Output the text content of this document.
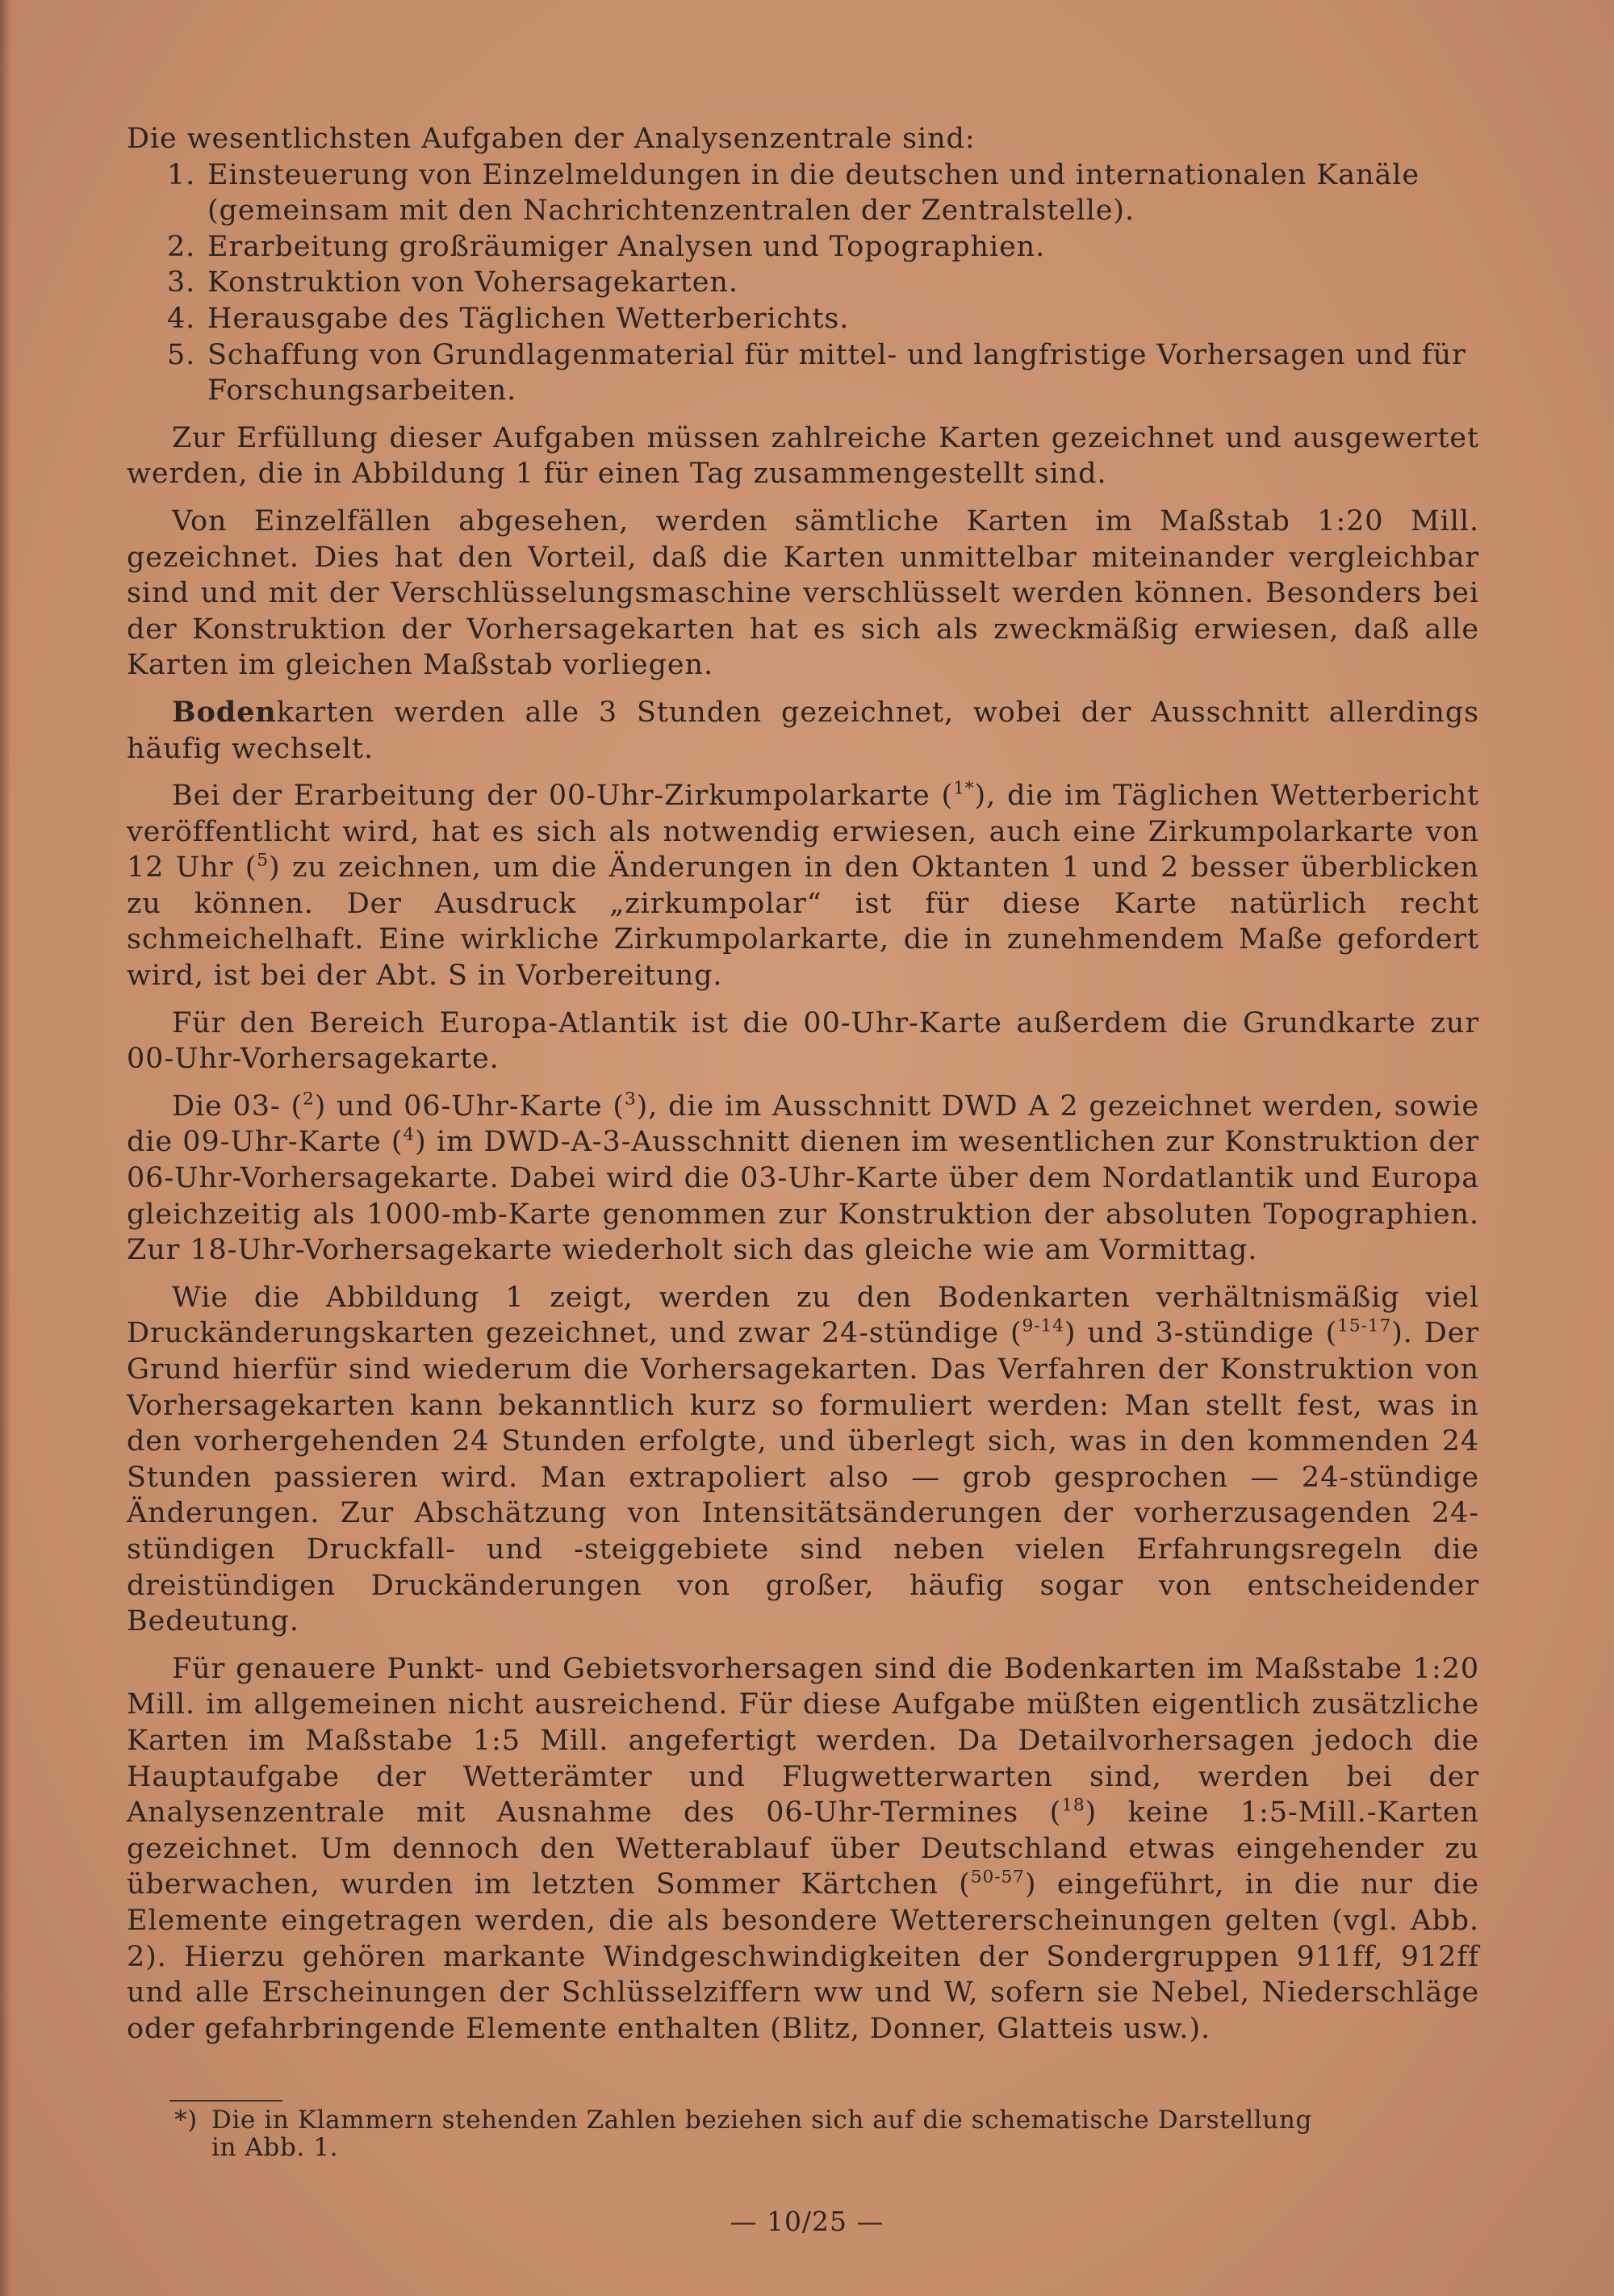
Die wesentlichsten Aufgaben der Analysenzentrale sind:

1. Einsteuerung von Einzelmeldungen in die deutschen und internationalen Kanäle (gemeinsam mit den Nachrichtenzentralen der Zentralstelle).
2. Erarbeitung großräumiger Analysen und Topographien.
3. Konstruktion von Vohersagekarten.
4. Herausgabe des Täglichen Wetterberichts.
5. Schaffung von Grundlagenmaterial für mittel- und langfristige Vorhersagen und für Forschungsarbeiten.

Zur Erfüllung dieser Aufgaben müssen zahlreiche Karten gezeichnet und ausgewertet werden, die in Abbildung 1 für einen Tag zusammengestellt sind.

Von Einzelfällen abgesehen, werden sämtliche Karten im Maßstab 1:20 Mill. gezeichnet. Dies hat den Vorteil, daß die Karten unmittelbar miteinander vergleichbar sind und mit der Verschlüsselungsmaschine verschlüsselt werden können. Besonders bei der Konstruktion der Vorhersagekarten hat es sich als zweckmäßig erwiesen, daß alle Karten im gleichen Maßstab vorliegen.

Bodenkarten werden alle 3 Stunden gezeichnet, wobei der Ausschnitt allerdings häufig wechselt.

Bei der Erarbeitung der 00-Uhr-Zirkumpolarkarte ($^{1*}$), die im Täglichen Wetterbericht veröffentlicht wird, hat es sich als notwendig erwiesen, auch eine Zirkumpolarkarte von 12 Uhr ($^5$) zu zeichnen, um die Änderungen in den Oktanten 1 und 2 besser überblicken zu können. Der Ausdruck „zirkumpolar“ ist für diese Karte natürlich recht schmeichelhaft. Eine wirkliche Zirkumpolarkarte, die in zunehmendem Maße gefordert wird, ist bei der Abt. S in Vorbereitung.

Für den Bereich Europa-Atlantik ist die 00-Uhr-Karte außerdem die Grundkarte zur 00-Uhr-Vorhersagekarte.

Die 03- ($^2$) und 06-Uhr-Karte ($^3$), die im Ausschnitt DWD A 2 gezeichnet werden, sowie die 09-Uhr-Karte ($^4$) im DWD-A-3-Ausschnitt dienen im wesentlichen zur Konstruktion der 06-Uhr-Vorhersagekarte. Dabei wird die 03-Uhr-Karte über dem Nordatlantik und Europa gleichzeitig als 1000-mb-Karte genommen zur Konstruktion der absoluten Topographien. Zur 18-Uhr-Vorhersagekarte wiederholt sich das gleiche wie am Vormittag.

Wie die Abbildung 1 zeigt, werden zu den Bodenkarten verhältnismäßig viel Druckänderungskarten gezeichnet, und zwar 24-stündige ($^{9-14}$) und 3-stündige ($^{15-17}$). Der Grund hierfür sind wiederum die Vorhersagekarten. Das Verfahren der Konstruktion von Vorhersagekarten kann bekanntlich kurz so formuliert werden: Man stellt fest, was in den vorhergehenden 24 Stunden erfolgte, und überlegt sich, was in den kommenden 24 Stunden passieren wird. Man extrapoliert also — grob gesprochen — 24-stündige Änderungen. Zur Abschätzung von Intensitätsänderungen der vorherzusagenden 24-stündigen Druckfall- und -steiggebiete sind neben vielen Erfahrungsregeln die dreistündigen Druckänderungen von großer, häufig sogar von entscheidender Bedeutung.

Für genauere Punkt- und Gebietsvorhersagen sind die Bodenkarten im Maßstabe 1:20 Mill. im allgemeinen nicht ausreichend. Für diese Aufgabe müßten eigentlich zusätzliche Karten im Maßstabe 1:5 Mill. angefertigt werden. Da Detailvorhersagen jedoch die Hauptaufgabe der Wetterämter und Flugwetterwarten sind, werden bei der Analysenzentrale mit Ausnahme des 06-Uhr-Termines ($^{18}$) keine 1:5-Mill.-Karten gezeichnet. Um dennoch den Wetterablauf über Deutschland etwas eingehender zu überwachen, wurden im letzten Sommer Kärtchen ($^{50-57}$) eingeführt, in die nur die Elemente eingetragen werden, die als besondere Wettererscheinungen gelten (vgl. Abb. 2). Hierzu gehören markante Windgeschwindigkeiten der Sondergruppen 911ff, 912ff und alle Erscheinungen der Schlüsselziffern ww und W, sofern sie Nebel, Niederschläge oder gefahrbringende Elemente enthalten (Blitz, Donner, Glatteis usw.).

*) Die in Klammern stehenden Zahlen beziehen sich auf die schematische Darstellung
in Abb. 1.
— 10/25 —
